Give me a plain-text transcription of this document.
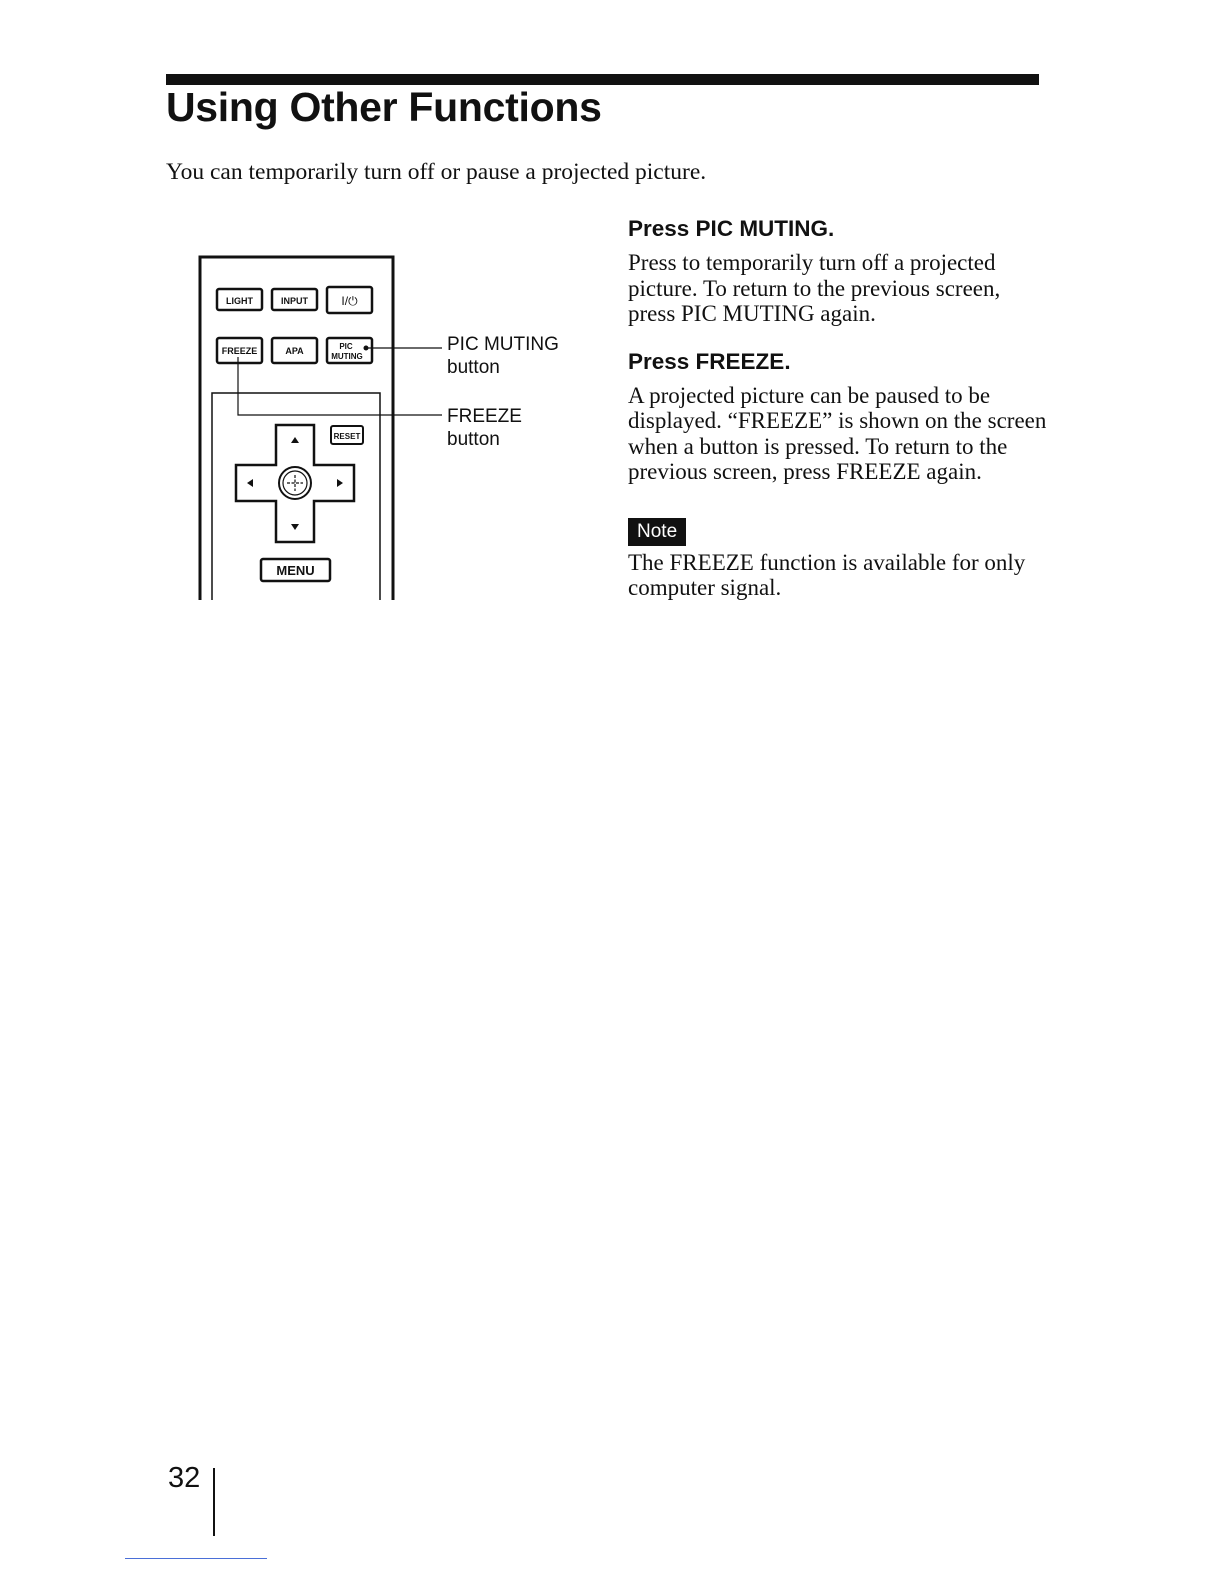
Using Other Functions

You can temporarily turn off or pause a projected picture.

LIGHT	INPUT	I/⏻
FREEZE	APA	PIC
MUTING
RESET
MENU

PIC MUTING
button

FREEZE
button

Press PIC MUTING.

Press to temporarily turn off a projected picture. To return to the previous screen, press PIC MUTING again.

Press FREEZE.

A projected picture can be paused to be displayed. “FREEZE” is shown on the screen when a button is pressed. To return to the previous screen, press FREEZE again.

Note

The FREEZE function is available for only computer signal.

32
